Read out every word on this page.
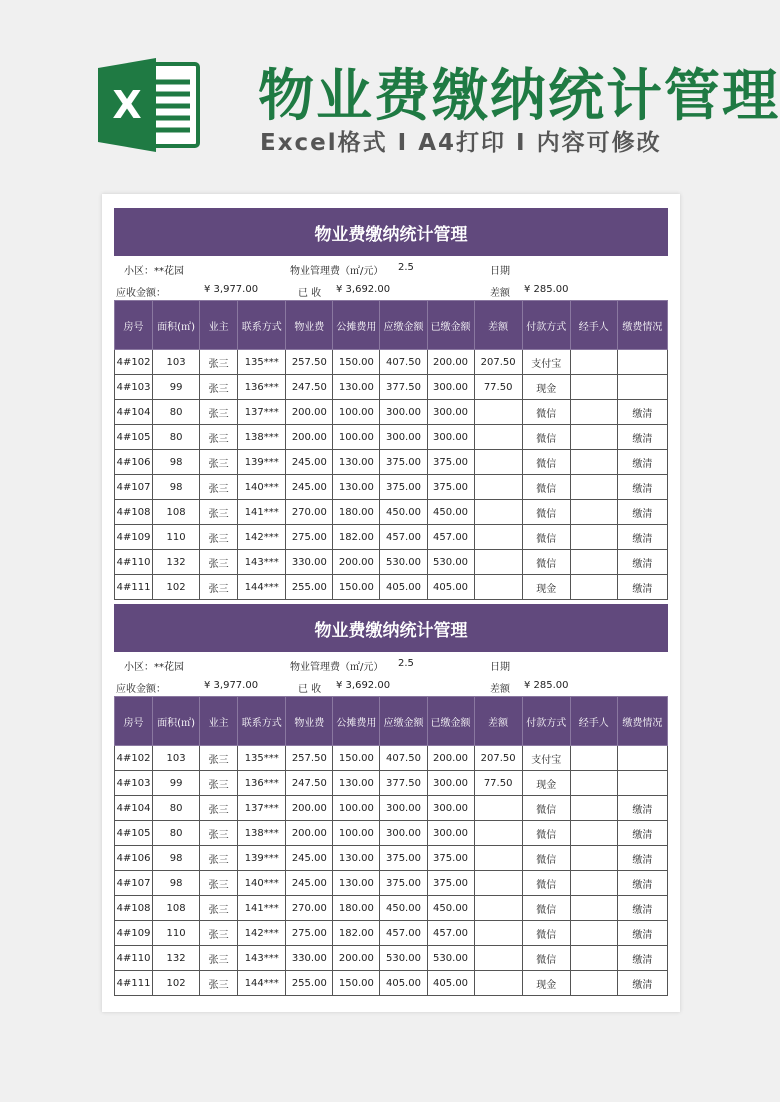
X 物业费缴纳统计管理
Excel格式 I A4打印 I 内容可修改
物业费缴纳统计管理
小区： **花园	物业管理费（㎡/元） 2.5	日期
应收金额：	¥ 3,977.00	已 收 ¥ 3,692.00	差额 ¥ 285.00
房号	面积(㎡)	业主	联系方式	物业费	公摊费用	应缴金额	已缴金额	差额	付款方式	经手人	缴费情况
4#102	103	张三	135***	257.50	150.00	407.50	200.00	207.50	支付宝		
4#103	99	张三	136***	247.50	130.00	377.50	300.00	77.50	现金		
4#104	80	张三	137***	200.00	100.00	300.00	300.00		微信		缴清
4#105	80	张三	138***	200.00	100.00	300.00	300.00		微信		缴清
4#106	98	张三	139***	245.00	130.00	375.00	375.00		微信		缴清
4#107	98	张三	140***	245.00	130.00	375.00	375.00		微信		缴清
4#108	108	张三	141***	270.00	180.00	450.00	450.00		微信		缴清
4#109	110	张三	142***	275.00	182.00	457.00	457.00		微信		缴清
4#110	132	张三	143***	330.00	200.00	530.00	530.00		微信		缴清
4#111	102	张三	144***	255.00	150.00	405.00	405.00		现金		缴清
物业费缴纳统计管理
小区： **花园	物业管理费（㎡/元） 2.5	日期
应收金额：	¥ 3,977.00	已 收 ¥ 3,692.00	差额 ¥ 285.00
房号	面积(㎡)	业主	联系方式	物业费	公摊费用	应缴金额	已缴金额	差额	付款方式	经手人	缴费情况
4#102	103	张三	135***	257.50	150.00	407.50	200.00	207.50	支付宝		
4#103	99	张三	136***	247.50	130.00	377.50	300.00	77.50	现金		
4#104	80	张三	137***	200.00	100.00	300.00	300.00		微信		缴清
4#105	80	张三	138***	200.00	100.00	300.00	300.00		微信		缴清
4#106	98	张三	139***	245.00	130.00	375.00	375.00		微信		缴清
4#107	98	张三	140***	245.00	130.00	375.00	375.00		微信		缴清
4#108	108	张三	141***	270.00	180.00	450.00	450.00		微信		缴清
4#109	110	张三	142***	275.00	182.00	457.00	457.00		微信		缴清
4#110	132	张三	143***	330.00	200.00	530.00	530.00		微信		缴清
4#111	102	张三	144***	255.00	150.00	405.00	405.00		现金		缴清
